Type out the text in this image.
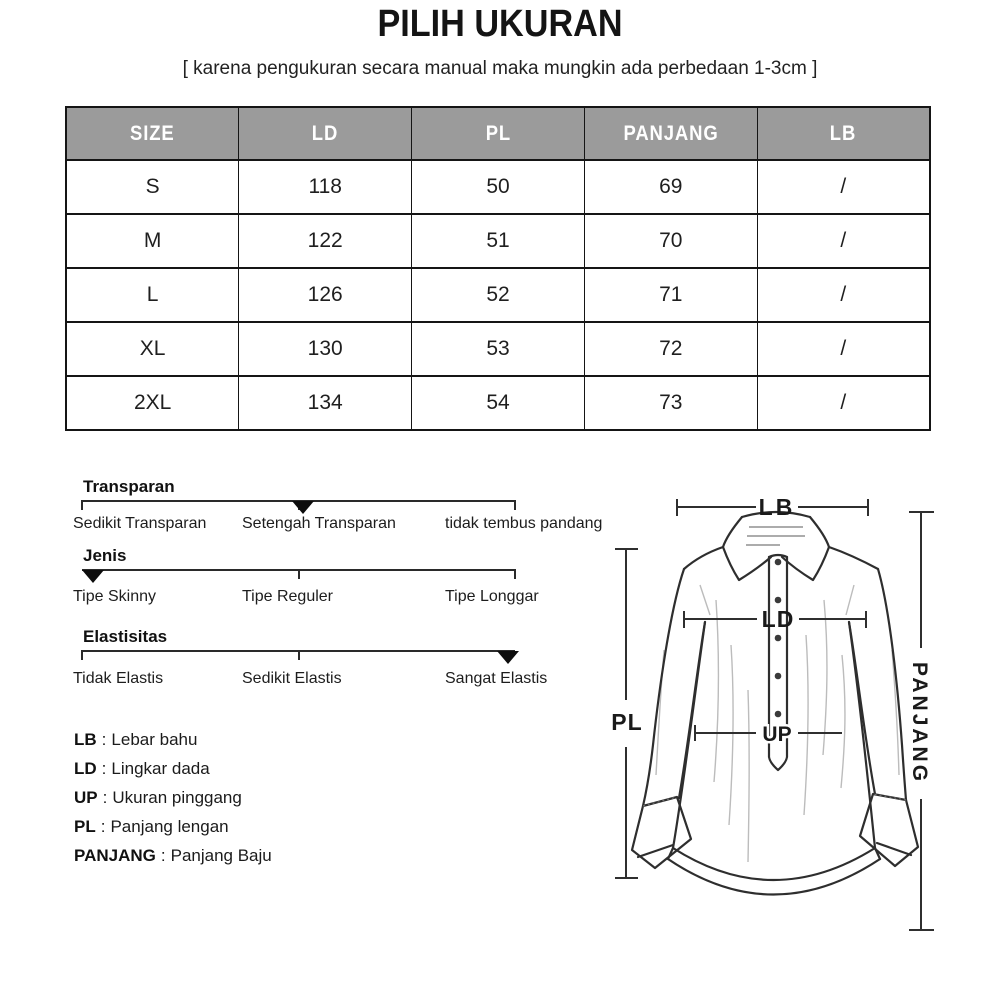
PILIH UKURAN

[ karena pengukuran secara manual maka mungkin ada perbedaan 1-3cm ]

SIZE	LD	PL	PANJANG	LB
S	118	50	69	/
M	122	51	70	/
L	126	52	71	/
XL	130	53	72	/
2XL	134	54	73	/

Transparan

Sedikit Transparan Setengah Transparan	tidak tembus pandang

Jenis

Tipe Skinny	Tipe Reguler	Tipe Longgar

Elastisitas

Tidak Elastis	Sedikit Elastis	Sangat Elastis
LB : Lebar bahu
LD : Lingkar dada
UP : Ukuran pinggang
PL : Panjang lengan
PANJANG : Panjang Baju
LB
LD
UP
PL	PANJANG
